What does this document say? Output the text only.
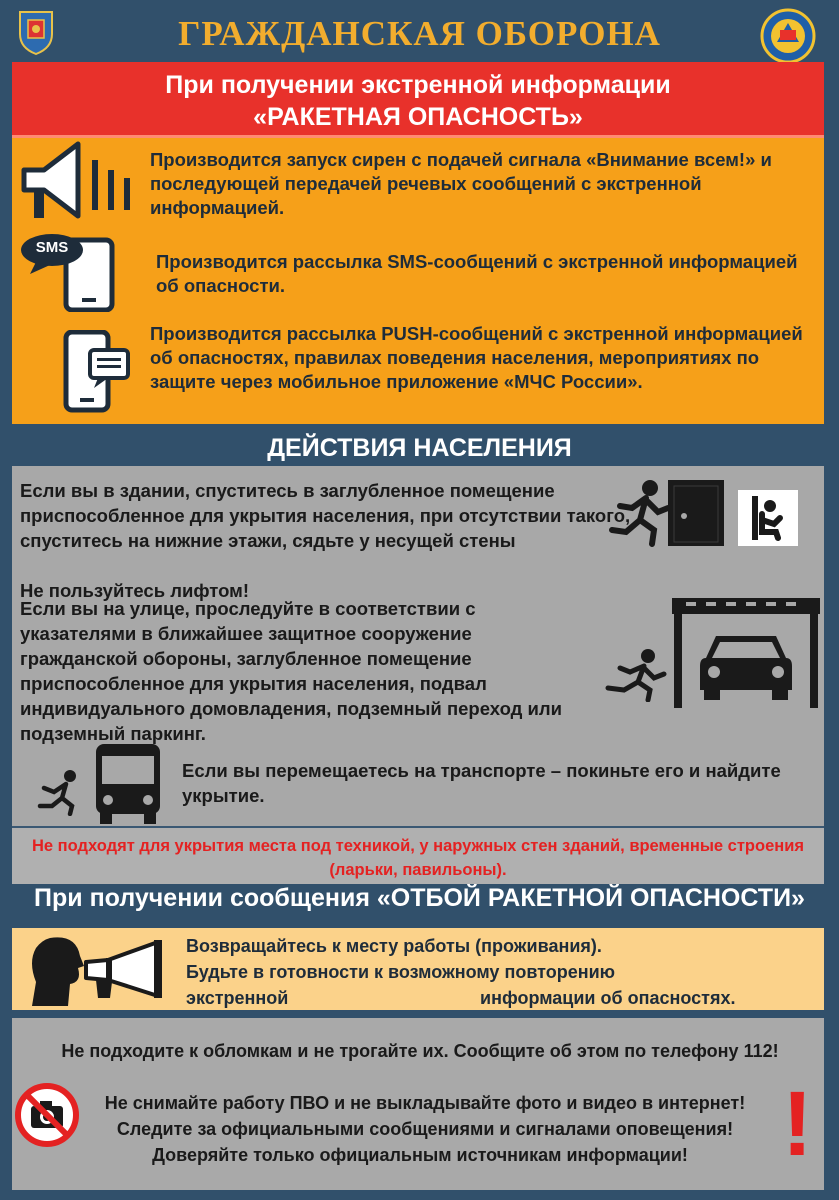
ГРАЖДАНСКАЯ ОБОРОНА
При получении экстренной информации
«РАКЕТНАЯ ОПАСНОСТЬ»
Производится запуск сирен с подачей сигнала «Внимание всем!» и последующей передачей речевых сообщений с экстренной информацией.
SMS
Производится рассылка SMS-сообщений с экстренной информацией об опасности.
Производится рассылка PUSH-сообщений с экстренной информацией об опасностях, правилах поведения населения, мероприятиях по защите через мобильное приложение «МЧС России».
ДЕЙСТВИЯ НАСЕЛЕНИЯ
Если вы в здании, спуститесь в заглубленное помещение приспособленное для укрытия населения, при отсутствии такого, спуститесь на нижние этажи, сядьте у несущей стены
Не пользуйтесь лифтом!
Если вы на улице, проследуйте в соответствии с указателями в ближайшее защитное сооружение гражданской обороны, заглубленное помещение приспособленное для укрытия населения, подвал индивидуального домовладения, подземный переход или подземный паркинг.
Если вы перемещаетесь на транспорте – покиньте его и найдите укрытие.
Не подходят для укрытия места под техникой, у наружных стен зданий, временные строения (ларьки, павильоны).
При получении сообщения «ОТБОЙ РАКЕТНОЙ ОПАСНОСТИ»
Возвращайтесь к месту работы (проживания).
Будьте в готовности к возможному повторению
экстренной	информации об опасностях.
Не подходите к обломкам и не трогайте их. Сообщите об этом по телефону 112!
Не снимайте работу ПВО и не выкладывайте фото и видео в интернет!
Следите за официальными сообщениями и сигналами оповещения!
Доверяйте только официальным источникам информации!	!
